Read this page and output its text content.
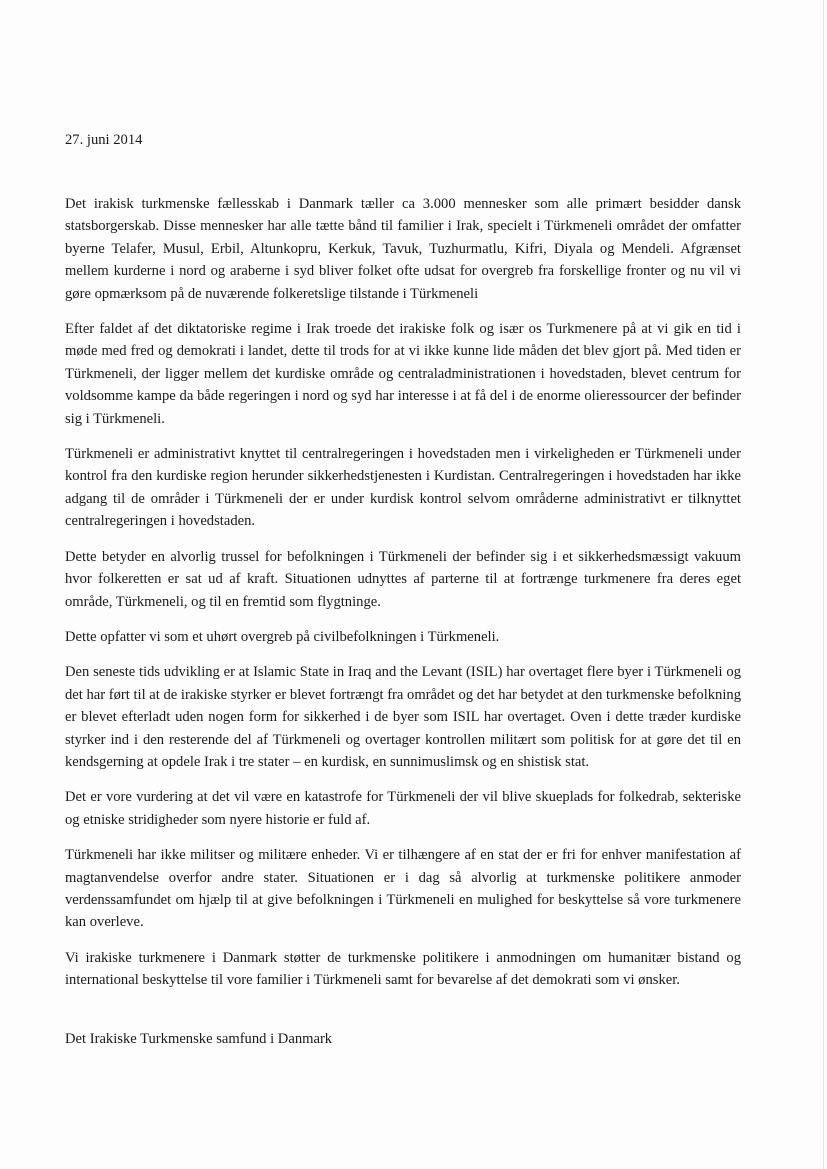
27. juni 2014

Det irakisk turkmenske fællesskab i Danmark tæller ca 3.000 mennesker som alle primært besidder dansk statsborgerskab. Disse mennesker har alle tætte bånd til familier i Irak, specielt i Türkmeneli området der omfatter byerne Telafer, Musul, Erbil, Altunkopru, Kerkuk, Tavuk, Tuzhurmatlu, Kifri, Diyala og Mendeli. Afgrænset mellem kurderne i nord og araberne i syd bliver folket ofte udsat for overgreb fra forskellige fronter og nu vil vi gøre opmærksom på de nuværende folkeretslige tilstande i Türkmeneli

Efter faldet af det diktatoriske regime i Irak troede det irakiske folk og især os Turkmenere på at vi gik en tid i møde med fred og demokrati i landet, dette til trods for at vi ikke kunne lide måden det blev gjort på. Med tiden er Türkmeneli, der ligger mellem det kurdiske område og centraladministrationen i hovedstaden, blevet centrum for voldsomme kampe da både regeringen i nord og syd har interesse i at få del i de enorme olieressourcer der befinder sig i Türkmeneli.

Türkmeneli er administrativt knyttet til centralregeringen i hovedstaden men i virkeligheden er Türkmeneli under kontrol fra den kurdiske region herunder sikkerhedstjenesten i Kurdistan. Centralregeringen i hovedstaden har ikke adgang til de områder i Türkmeneli der er under kurdisk kontrol selvom områderne administrativt er tilknyttet centralregeringen i hovedstaden.

Dette betyder en alvorlig trussel for befolkningen i Türkmeneli der befinder sig i et sikkerhedsmæssigt vakuum hvor folkeretten er sat ud af kraft. Situationen udnyttes af parterne til at fortrænge turkmenere fra deres eget område, Türkmeneli, og til en fremtid som flygtninge.

Dette opfatter vi som et uhørt overgreb på civilbefolkningen i Türkmeneli.

Den seneste tids udvikling er at Islamic State in Iraq and the Levant (ISIL) har overtaget flere byer i Türkmeneli og det har ført til at de irakiske styrker er blevet fortrængt fra området og det har betydet at den turkmenske befolkning er blevet efterladt uden nogen form for sikkerhed i de byer som ISIL har overtaget. Oven i dette træder kurdiske styrker ind i den resterende del af Türkmeneli og overtager kontrollen militært som politisk for at gøre det til en kendsgerning at opdele Irak i tre stater – en kurdisk, en sunnimuslimsk og en shistisk stat.

Det er vore vurdering at det vil være en katastrofe for Türkmeneli der vil blive skueplads for folkedrab, sekteriske og etniske stridigheder som nyere historie er fuld af.

Türkmeneli har ikke militser og militære enheder. Vi er tilhængere af en stat der er fri for enhver manifestation af magtanvendelse overfor andre stater. Situationen er i dag så alvorlig at turkmenske politikere anmoder verdenssamfundet om hjælp til at give befolkningen i Türkmeneli en mulighed for beskyttelse så vore turkmenere kan overleve.

Vi irakiske turkmenere i Danmark støtter de turkmenske politikere i anmodningen om humanitær bistand og international beskyttelse til vore familier i Türkmeneli samt for bevarelse af det demokrati som vi ønsker.

Det Irakiske Turkmenske samfund i Danmark
